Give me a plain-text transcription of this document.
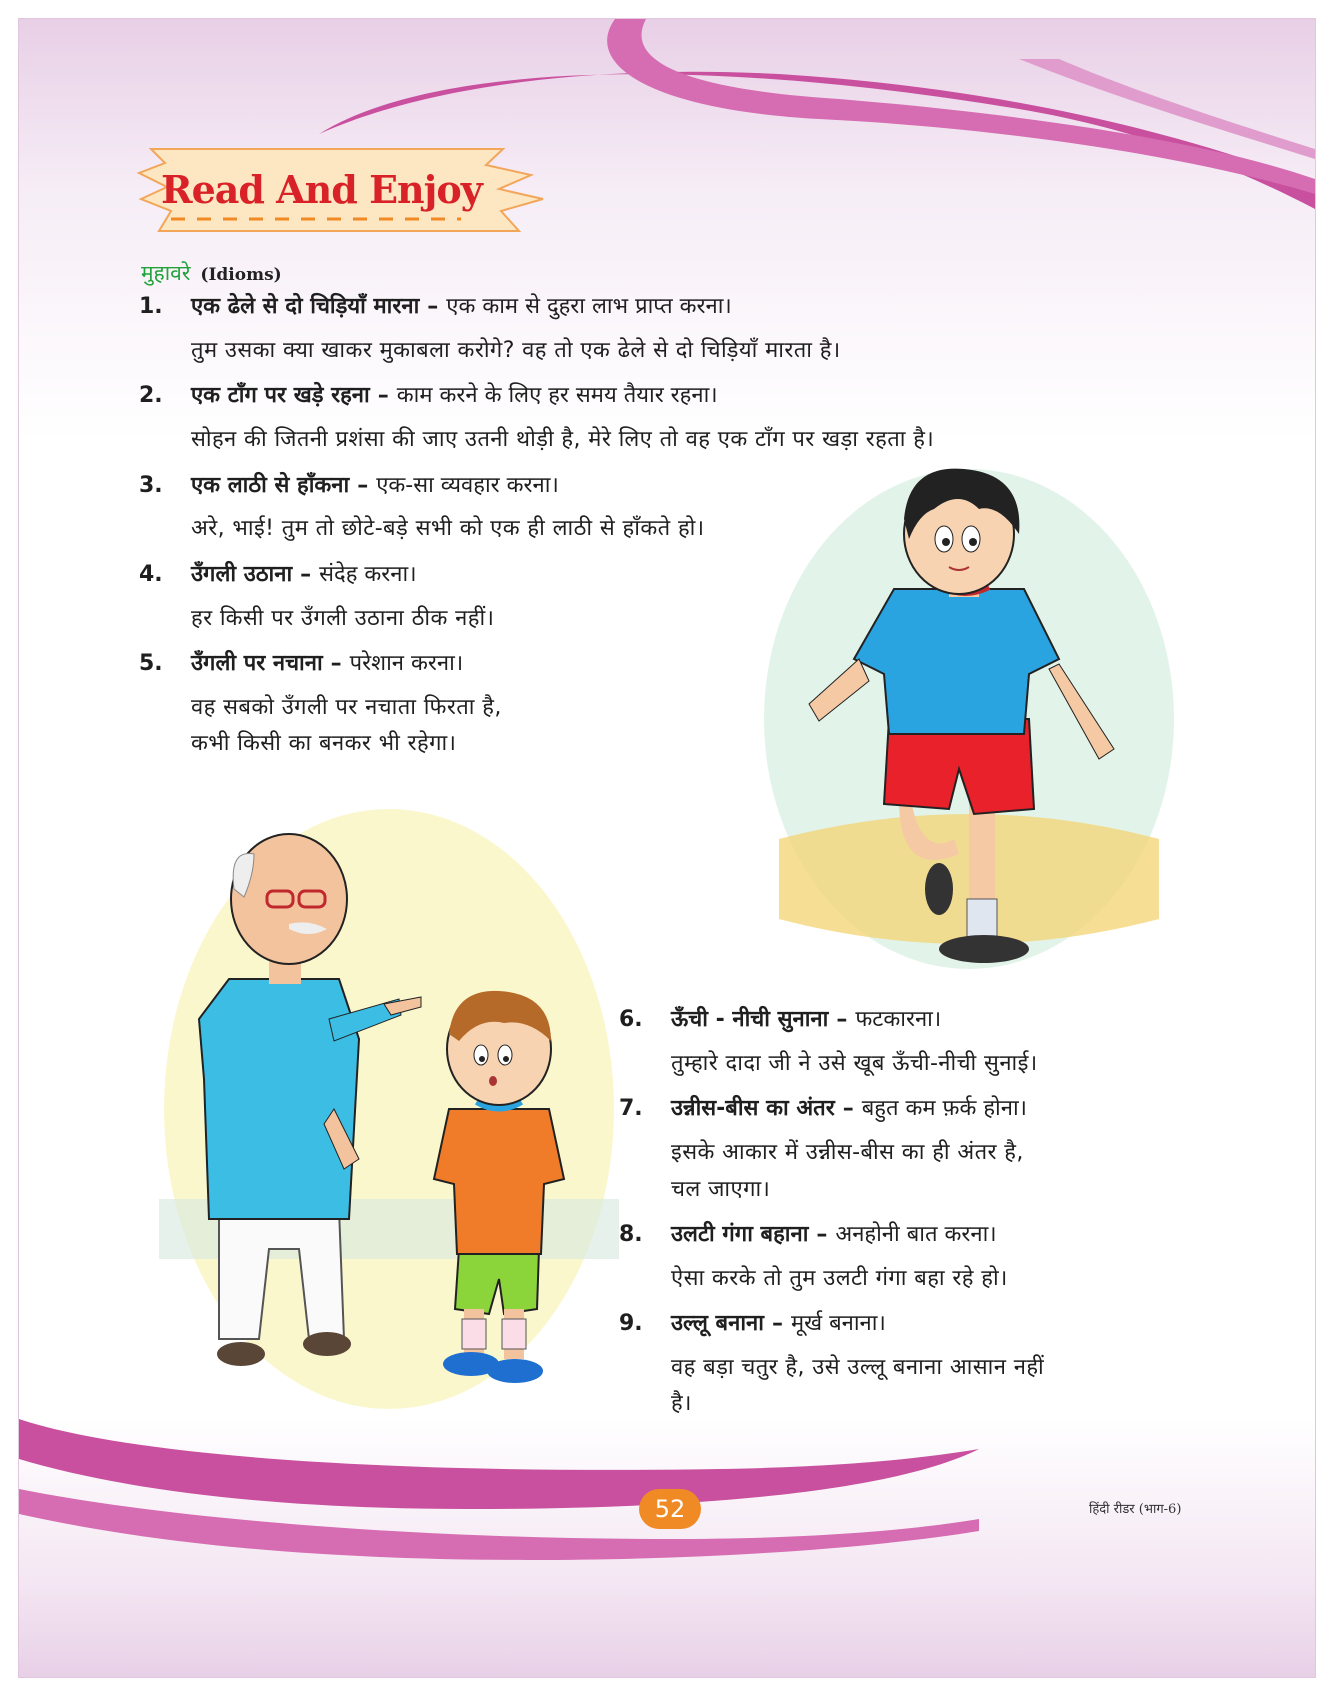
Read And Enjoy
मुहावरे (Idioms)
1. एक ढेले से दो चिड़ियाँ मारना – एक काम से दुहरा लाभ प्राप्त करना।
तुम उसका क्या खाकर मुकाबला करोगे? वह तो एक ढेले से दो चिड़ियाँ मारता है।
2. एक टाँग पर खड़े रहना – काम करने के लिए हर समय तैयार रहना।
सोहन की जितनी प्रशंसा की जाए उतनी थोड़ी है, मेरे लिए तो वह एक टाँग पर खड़ा रहता है।
3. एक लाठी से हाँकना – एक-सा व्यवहार करना।
अरे, भाई! तुम तो छोटे-बड़े सभी को एक ही लाठी से हाँकते हो।
4. उँगली उठाना – संदेह करना।
हर किसी पर उँगली उठाना ठीक नहीं।
5. उँगली पर नचाना – परेशान करना।
वह सबको उँगली पर नचाता फिरता है,
कभी किसी का बनकर भी रहेगा।
6. ऊँची - नीची सुनाना – फटकारना।
तुम्हारे दादा जी ने उसे खूब ऊँची-नीची सुनाई।
7. उन्नीस-बीस का अंतर – बहुत कम फ़र्क होना।
इसके आकार में उन्नीस-बीस का ही अंतर है,
चल जाएगा।
8. उलटी गंगा बहाना – अनहोनी बात करना।
ऐसा करके तो तुम उलटी गंगा बहा रहे हो।
9. उल्लू बनाना – मूर्ख बनाना।
वह बड़ा चतुर है, उसे उल्लू बनाना आसान नहीं
है।
52	हिंदी रीडर (भाग-6)
